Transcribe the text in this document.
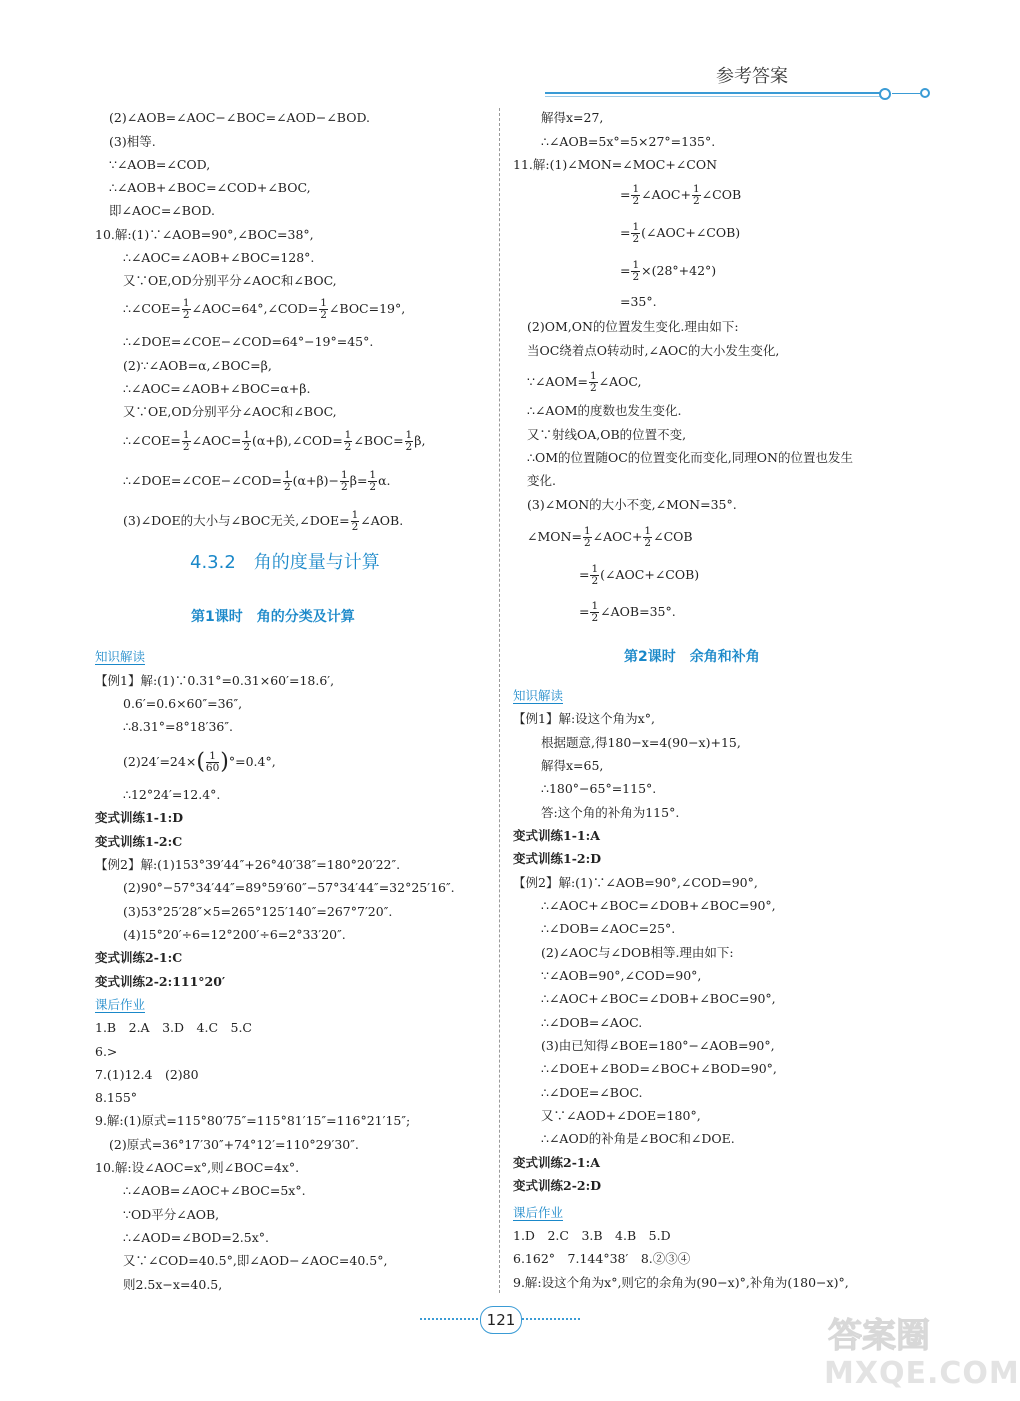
参考答案
(2)∠AOB=∠AOC−∠BOC=∠AOD−∠BOD.
(3)相等.
∵∠AOB=∠COD,
∴∠AOB+∠BOC=∠COD+∠BOC,
即∠AOC=∠BOD.
10.解:(1)∵∠AOB=90°,∠BOC=38°,
∴∠AOC=∠AOB+∠BOC=128°.
又∵OE,OD分别平分∠AOC和∠BOC,
∴∠COE= $\frac{1}{2}$ ∠AOC=64°,∠COD= $\frac{1}{2}$ ∠BOC=19°,
∴∠DOE=∠COE−∠COD=64°−19°=45°.
(2)∵∠AOB=α,∠BOC=β,
∴∠AOC=∠AOB+∠BOC=α+β.
又∵OE,OD分别平分∠AOC和∠BOC,
∴∠COE= $\frac{1}{2}$ ∠AOC= $\frac{1}{2}$ (α+β),∠COD= $\frac{1}{2}$ ∠BOC= $\frac{1}{2} \beta$,
∴∠DOE=∠COE−∠COD= $\frac{1}{2} (\alpha+\beta)- \frac{1}{2} \beta= \frac{1}{2} \alpha$.
(3)∠DOE的大小与∠BOC无关,∠DOE= $\frac{1}{2}$ ∠AOB.
4.3.2　角的度量与计算
第1课时　角的分类及计算
知识解读
【例1】解:(1)∵0.31°=0.31×60′=18.6′,
0.6′=0.6×60″=36″,
∴8.31°=8°18′36″.
$(2)24'=24\times( \frac{1}{60} )^\circ=0.4^\circ$,
∴12°24′=12.4°.
变式训练1-1:D
变式训练1-2:C
【例2】解:(1)153°39′44″+26°40′38″=180°20′22″.
(2)90°−57°34′44″=89°59′60″−57°34′44″=32°25′16″.
(3)53°25′28″×5=265°125′140″=267°7′20″.
(4)15°20′÷6=12°200′÷6=2°33′20″.
变式训练2-1:C
变式训练2-2:111°20′
课后作业
1.B　2.A　3.D　4.C　5.C
6.>
7.(1)12.4　(2)80
8.155°
9.解:(1)原式=115°80′75″=115°81′15″=116°21′15″;
(2)原式=36°17′30″+74°12′=110°29′30″.
10.解:设∠AOC=x°,则∠BOC=4x°.
∴∠AOB=∠AOC+∠BOC=5x°.
∵OD平分∠AOB,
∴∠AOD=∠BOD=2.5x°.
又∵∠COD=40.5°,即∠AOD−∠AOC=40.5°,
则2.5x−x=40.5,
解得x=27,
∴∠AOB=5x°=5×27°=135°.
11.解:(1)∠MON=∠MOC+∠CON
= $\frac{1}{2}$ ∠AOC+ $\frac{1}{2}$ ∠COB
= $\frac{1}{2}$ (∠AOC+∠COB)
= $\frac{1}{2} \times(28^\circ+42^\circ)$
=35°.
(2)OM,ON的位置发生变化.理由如下:
当OC绕着点O转动时,∠AOC的大小发生变化,
∵∠AOM= $\frac{1}{2}$ ∠AOC,
∴∠AOM的度数也发生变化.
又∵射线OA,OB的位置不变,
∴OM的位置随OC的位置变化而变化,同理ON的位置也发生
变化.
(3)∠MON的大小不变,∠MON=35°.
∠MON= $\frac{1}{2}$ ∠AOC+ $\frac{1}{2}$ ∠COB
= $\frac{1}{2}$ (∠AOC+∠COB)
= $\frac{1}{2}$ ∠AOB=35°.
第2课时　余角和补角
知识解读
【例1】解:设这个角为x°,
根据题意,得180−x=4(90−x)+15,
解得x=65,
∴180°−65°=115°.
答:这个角的补角为115°.
变式训练1-1:A
变式训练1-2:D
【例2】解:(1)∵∠AOB=90°,∠COD=90°,
∴∠AOC+∠BOC=∠DOB+∠BOC=90°,
∴∠DOB=∠AOC=25°.
(2)∠AOC与∠DOB相等.理由如下:
∵∠AOB=90°,∠COD=90°,
∴∠AOC+∠BOC=∠DOB+∠BOC=90°,
∴∠DOB=∠AOC.
(3)由已知得∠BOE=180°−∠AOB=90°,
∴∠DOE+∠BOD=∠BOC+∠BOD=90°,
∴∠DOE=∠BOC.
又∵∠AOD+∠DOE=180°,
∴∠AOD的补角是∠BOC和∠DOE.
变式训练2-1:A
变式训练2-2:D
课后作业
1.D　2.C　3.B　4.B　5.D
6.162°　7.144°38′　8.②③④
9.解:设这个角为x°,则它的余角为(90−x)°,补角为(180−x)°,
121	答案圈
MXQE.COM
